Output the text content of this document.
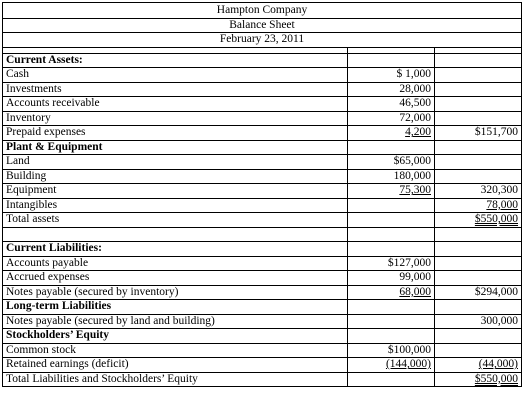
Hampton Company		
Balance Sheet		
February 23, 2011		

Current Assets:		
Cash	$ 1,000	
Investments	28,000	
Accounts receivable	46,500	
Inventory	72,000	
Prepaid expenses	4,200	$151,700
Plant & Equipment		
Land	$65,000	
Building	180,000	
Equipment	75,300	320,300
Intangibles		78,000
Total assets		$550,000

Current Liabilities:		
Accounts payable	$127,000	
Accrued expenses	99,000	
Notes payable (secured by inventory)	68,000	$294,000
Long-term Liabilities		
Notes payable (secured by land and building)		300,000
Stockholders’ Equity		
Common stock	$100,000	
Retained earnings (deficit)	(144,000)	(44,000)
Total Liabilities and Stockholders’ Equity		$550,000
